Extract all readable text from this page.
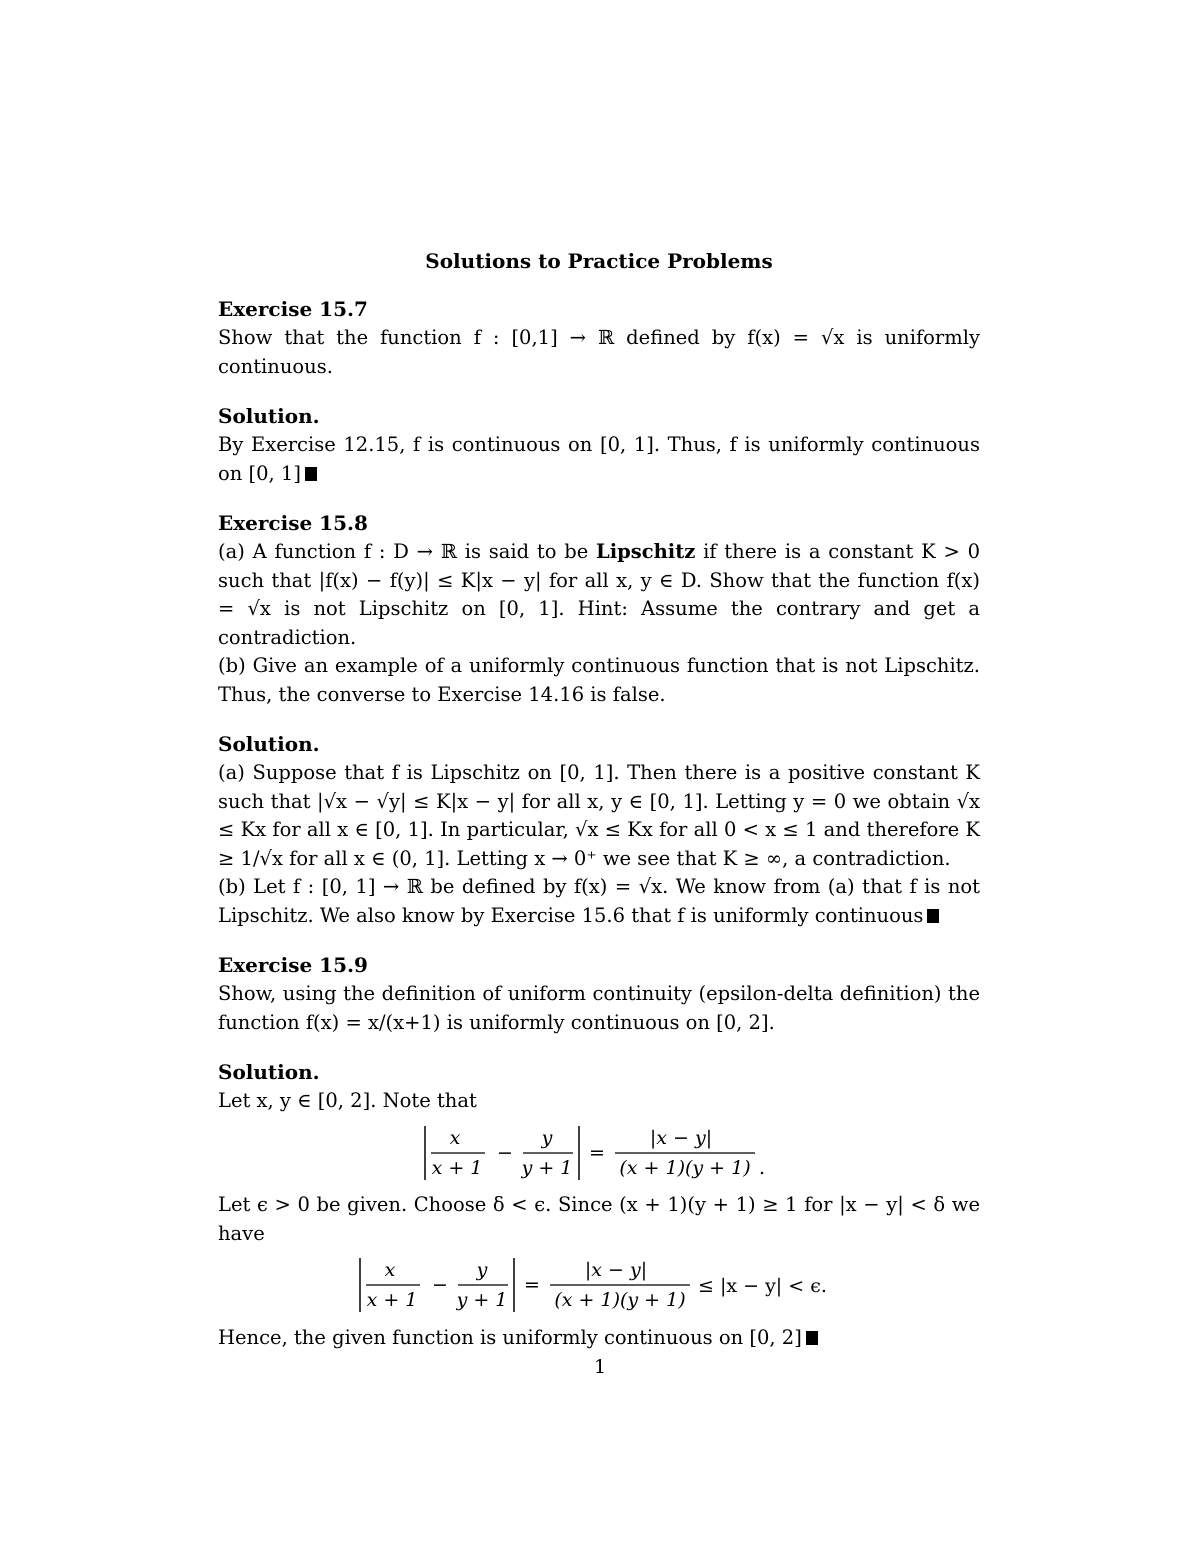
Solutions to Practice Problems
Exercise 15.7

Show that the function f : [0,1] → ℝ defined by f(x) = √x is uniformly continuous.

Solution.

By Exercise 12.15, f is continuous on [0, 1]. Thus, f is uniformly continuous on [0, 1]

Exercise 15.8

(a) A function f : D → ℝ is said to be Lipschitz if there is a constant K > 0 such that |f(x) − f(y)| ≤ K|x − y| for all x, y ∈ D. Show that the function f(x) = √x is not Lipschitz on [0, 1]. Hint: Assume the contrary and get a contradiction.

(b) Give an example of a uniformly continuous function that is not Lipschitz. Thus, the converse to Exercise 14.16 is false.

Solution.

(a) Suppose that f is Lipschitz on [0, 1]. Then there is a positive constant K such that |√x − √y| ≤ K|x − y| for all x, y ∈ [0, 1]. Letting y = 0 we obtain √x ≤ Kx for all x ∈ [0, 1]. In particular, √x ≤ Kx for all 0 < x ≤ 1 and therefore K ≥ 1/√x for all x ∈ (0, 1]. Letting x → 0⁺ we see that K ≥ ∞, a contradiction.

(b) Let f : [0, 1] → ℝ be defined by f(x) = √x. We know from (a) that f is not Lipschitz. We also know by Exercise 15.6 that f is uniformly continuous

Exercise 15.9

Show, using the definition of uniform continuity (epsilon-delta definition) the function f(x) = x/(x+1) is uniformly continuous on [0, 2].

Solution.

Let x, y ∈ [0, 2]. Note that

x
x + 1
−
y
y + 1
=
|x − y|
(x + 1)(y + 1) .

Let ϵ > 0 be given. Choose δ < ϵ. Since (x + 1)(y + 1) ≥ 1 for |x − y| < δ we have

x
x + 1
−
y
y + 1
=
|x − y|
(x + 1)(y + 1)
≤ |x − y| < ϵ.

Hence, the given function is uniformly continuous on [0, 2]

1
